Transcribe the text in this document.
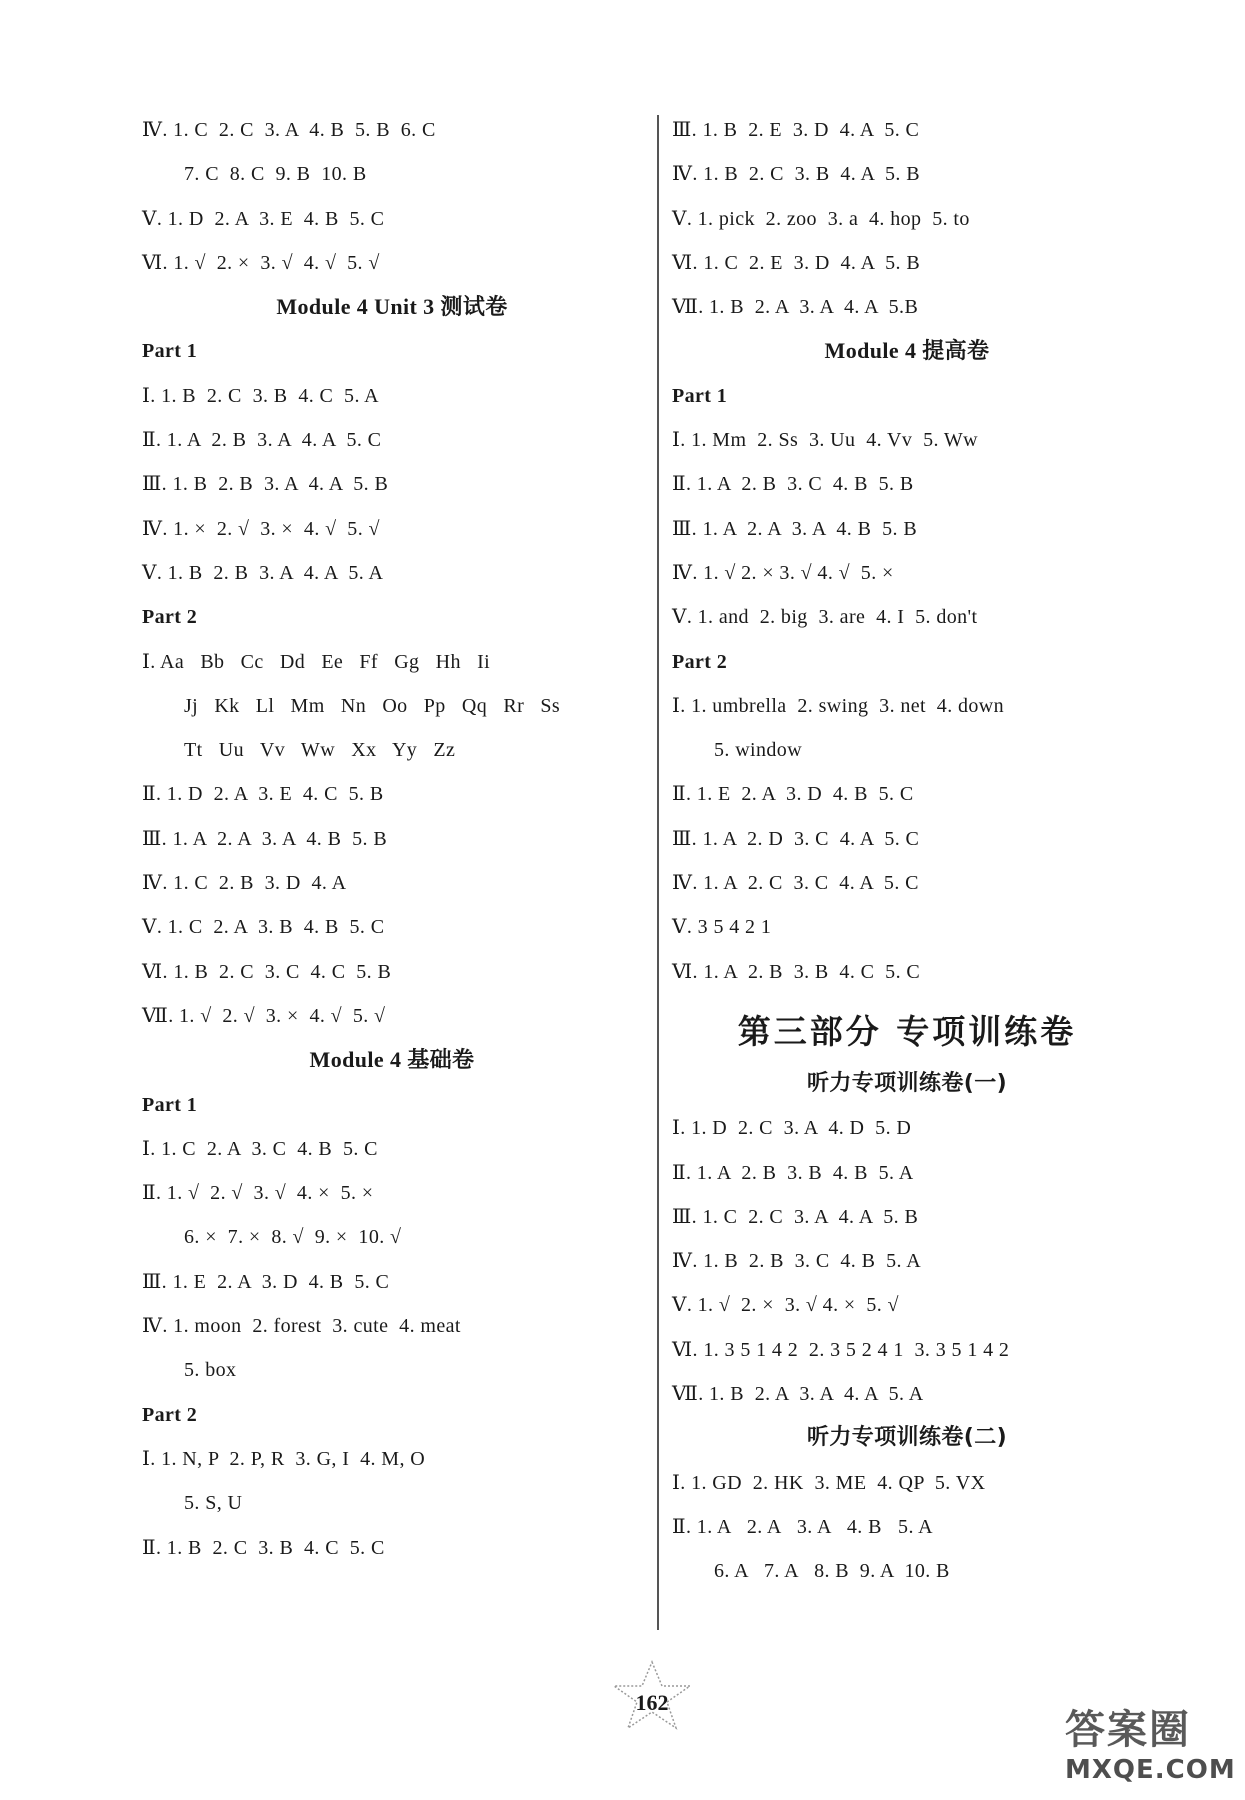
Ⅳ. 1. C  2. C  3. A  4. B  5. B  6. C
7. C  8. C  9. B  10. B
Ⅴ. 1. D  2. A  3. E  4. B  5. C
Ⅵ. 1. √  2. ×  3. √  4. √  5. √
Module 4 Unit 3 测试卷
Part 1
Ⅰ. 1. B  2. C  3. B  4. C  5. A
Ⅱ. 1. A  2. B  3. A  4. A  5. C
Ⅲ. 1. B  2. B  3. A  4. A  5. B
Ⅳ. 1. ×  2. √  3. ×  4. √  5. √
Ⅴ. 1. B  2. B  3. A  4. A  5. A
Part 2
Ⅰ. Aa   Bb   Cc   Dd   Ee   Ff   Gg   Hh   Ii
Jj   Kk   Ll   Mm   Nn   Oo   Pp   Qq   Rr   Ss
Tt   Uu   Vv   Ww   Xx   Yy   Zz
Ⅱ. 1. D  2. A  3. E  4. C  5. B
Ⅲ. 1. A  2. A  3. A  4. B  5. B
Ⅳ. 1. C  2. B  3. D  4. A
Ⅴ. 1. C  2. A  3. B  4. B  5. C
Ⅵ. 1. B  2. C  3. C  4. C  5. B
Ⅶ. 1. √  2. √  3. ×  4. √  5. √
Module 4 基础卷
Part 1
Ⅰ. 1. C  2. A  3. C  4. B  5. C
Ⅱ. 1. √  2. √  3. √  4. ×  5. ×
6. ×  7. ×  8. √  9. ×  10. √
Ⅲ. 1. E  2. A  3. D  4. B  5. C
Ⅳ. 1. moon  2. forest  3. cute  4. meat
5. box
Part 2
Ⅰ. 1. N, P  2. P, R  3. G, I  4. M, O
5. S, U
Ⅱ. 1. B  2. C  3. B  4. C  5. C
Ⅲ. 1. B  2. E  3. D  4. A  5. C
Ⅳ. 1. B  2. C  3. B  4. A  5. B
Ⅴ. 1. pick  2. zoo  3. a  4. hop  5. to
Ⅵ. 1. C  2. E  3. D  4. A  5. B
Ⅶ. 1. B  2. A  3. A  4. A  5.B
Module 4 提高卷
Part 1
Ⅰ. 1. Mm  2. Ss  3. Uu  4. Vv  5. Ww
Ⅱ. 1. A  2. B  3. C  4. B  5. B
Ⅲ. 1. A  2. A  3. A  4. B  5. B
Ⅳ. 1. √ 2. × 3. √ 4. √  5. ×
Ⅴ. 1. and  2. big  3. are  4. I  5. don't
Part 2
Ⅰ. 1. umbrella  2. swing  3. net  4. down
5. window
Ⅱ. 1. E  2. A  3. D  4. B  5. C
Ⅲ. 1. A  2. D  3. C  4. A  5. C
Ⅳ. 1. A  2. C  3. C  4. A  5. C
Ⅴ. 3 5 4 2 1
Ⅵ. 1. A  2. B  3. B  4. C  5. C
第三部分 专项训练卷
听力专项训练卷(一)
Ⅰ. 1. D  2. C  3. A  4. D  5. D
Ⅱ. 1. A  2. B  3. B  4. B  5. A
Ⅲ. 1. C  2. C  3. A  4. A  5. B
Ⅳ. 1. B  2. B  3. C  4. B  5. A
Ⅴ. 1. √  2. ×  3. √ 4. ×  5. √
Ⅵ. 1. 3 5 1 4 2  2. 3 5 2 4 1  3. 3 5 1 4 2
Ⅶ. 1. B  2. A  3. A  4. A  5. A
听力专项训练卷(二)
Ⅰ. 1. GD  2. HK  3. ME  4. QP  5. VX
Ⅱ. 1. A   2. A   3. A   4. B   5. A
6. A   7. A   8. B  9. A  10. B
162
答案圈
MXQE.COM
